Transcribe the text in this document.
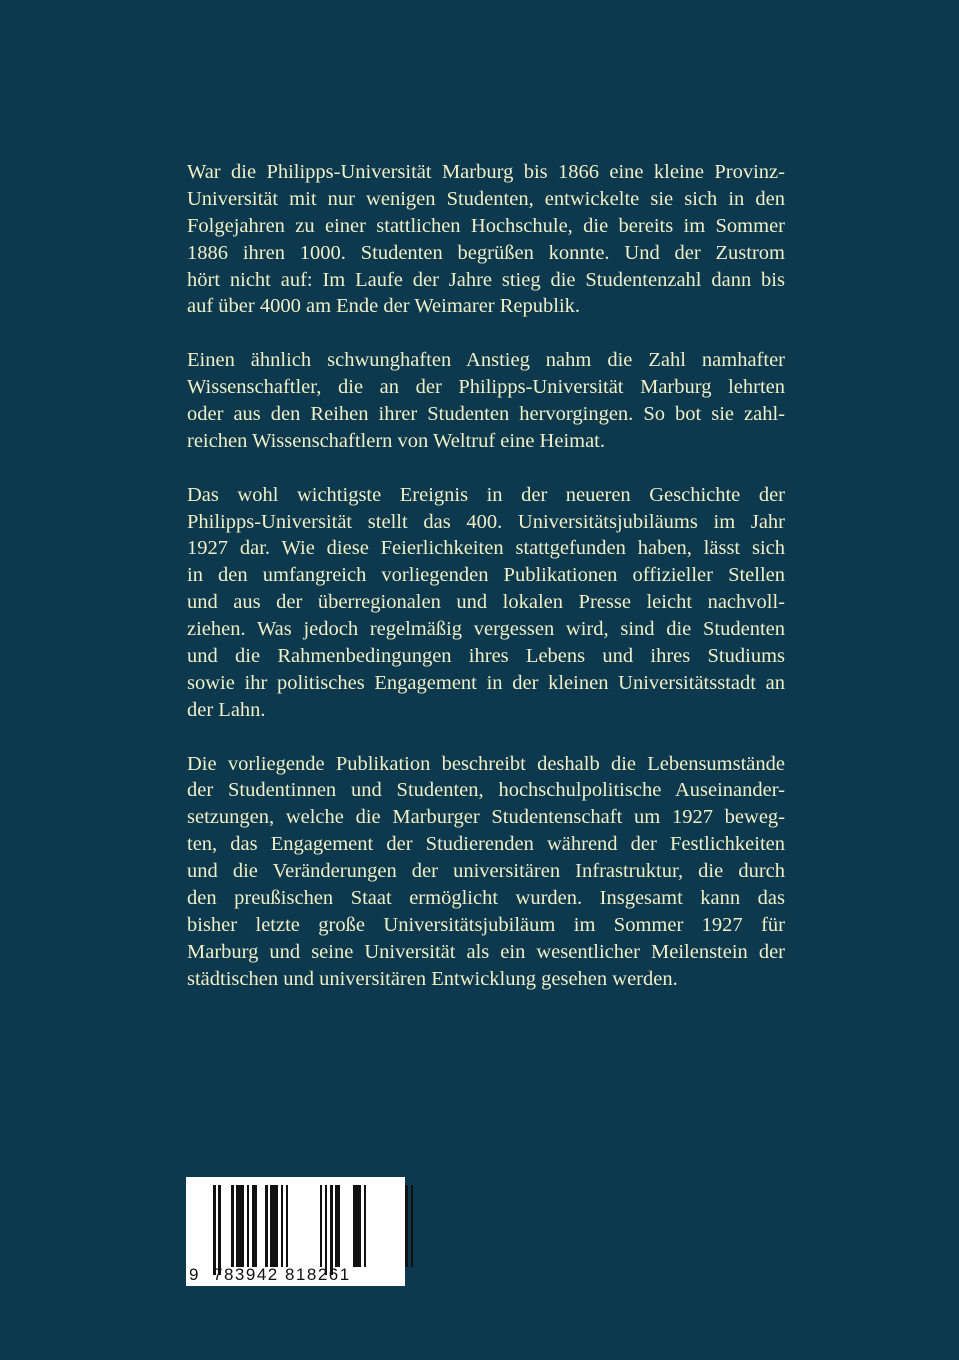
War die Philipps-Universität Marburg bis 1866 eine kleine Provinz-
Universität mit nur wenigen Studenten, entwickelte sie sich in den
Folgejahren zu einer stattlichen Hochschule, die bereits im Sommer
1886 ihren 1000. Studenten begrüßen konnte. Und der Zustrom
hört nicht auf: Im Laufe der Jahre stieg die Studentenzahl dann bis
auf über 4000 am Ende der Weimarer Republik.

Einen ähnlich schwunghaften Anstieg nahm die Zahl namhafter
Wissenschaftler, die an der Philipps-Universität Marburg lehrten
oder aus den Reihen ihrer Studenten hervorgingen. So bot sie zahl-
reichen Wissenschaftlern von Weltruf eine Heimat.

Das wohl wichtigste Ereignis in der neueren Geschichte der
Philipps-Universität stellt das 400. Universitätsjubiläums im Jahr
1927 dar. Wie diese Feierlichkeiten stattgefunden haben, lässt sich
in den umfangreich vorliegenden Publikationen offizieller Stellen
und aus der überregionalen und lokalen Presse leicht nachvoll-
ziehen. Was jedoch regelmäßig vergessen wird, sind die Studenten
und die Rahmenbedingungen ihres Lebens und ihres Studiums
sowie ihr politisches Engagement in der kleinen Universitätsstadt an
der Lahn.

Die vorliegende Publikation beschreibt deshalb die Lebensumstände
der Studentinnen und Studenten, hochschulpolitische Auseinander-
setzungen, welche die Marburger Studentenschaft um 1927 beweg-
ten, das Engagement der Studierenden während der Festlichkeiten
und die Veränderungen der universitären Infrastruktur, die durch
den preußischen Staat ermöglicht wurden. Insgesamt kann das
bisher letzte große Universitätsjubiläum im Sommer 1927 für
Marburg und seine Universität als ein wesentlicher Meilenstein der
städtischen und universitären Entwicklung gesehen werden.

9 783942 818261
